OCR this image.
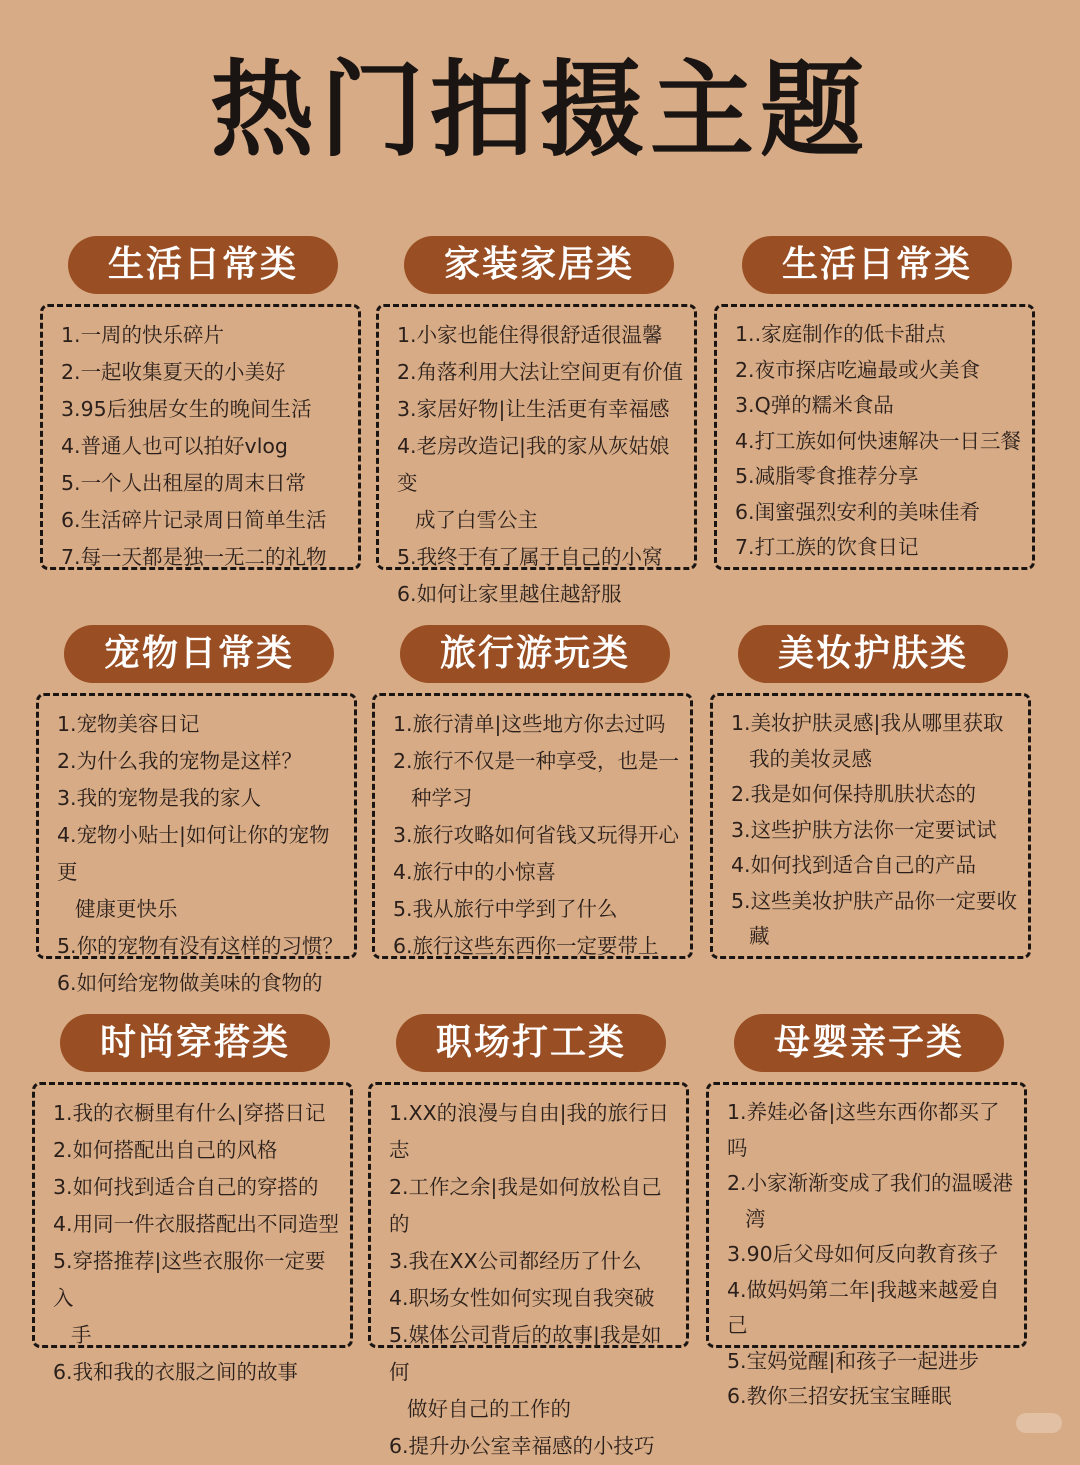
热门拍摄主题
生活日常类
1.一周的快乐碎片
2.一起收集夏天的小美好
3.95后独居女生的晚间生活
4.普通人也可以拍好vlog
5.一个人出租屋的周末日常
6.生活碎片记录周日简单生活
7.每一天都是独一无二的礼物
家装家居类
1.小家也能住得很舒适很温馨
2.角落利用大法让空间更有价值
3.家居好物|让生活更有幸福感
4.老房改造记|我的家从灰姑娘变
成了白雪公主
5.我终于有了属于自己的小窝
6.如何让家里越住越舒服
生活日常类
1..家庭制作的低卡甜点
2.夜市探店吃遍最或火美食
3.Q弹的糯米食品
4.打工族如何快速解决一日三餐
5.减脂零食推荐分享
6.闺蜜强烈安利的美味佳肴
7.打工族的饮食日记
宠物日常类
1.宠物美容日记
2.为什么我的宠物是这样？
3.我的宠物是我的家人
4.宠物小贴士|如何让你的宠物更
健康更快乐
5.你的宠物有没有这样的习惯？
6.如何给宠物做美味的食物的
旅行游玩类
1.旅行清单|这些地方你去过吗
2.旅行不仅是一种享受，也是一
种学习
3.旅行攻略如何省钱又玩得开心
4.旅行中的小惊喜
5.我从旅行中学到了什么
6.旅行这些东西你一定要带上
美妆护肤类
1.美妆护肤灵感|我从哪里获取
我的美妆灵感
2.我是如何保持肌肤状态的
3.这些护肤方法你一定要试试
4.如何找到适合自己的产品
5.这些美妆护肤产品你一定要收
藏
时尚穿搭类
1.我的衣橱里有什么|穿搭日记
2.如何搭配出自己的风格
3.如何找到适合自己的穿搭的
4.用同一件衣服搭配出不同造型
5.穿搭推荐|这些衣服你一定要入
手
6.我和我的衣服之间的故事
职场打工类
1.XX的浪漫与自由|我的旅行日志
2.工作之余|我是如何放松自己的
3.我在XX公司都经历了什么
4.职场女性如何实现自我突破
5.媒体公司背后的故事|我是如何
做好自己的工作的
6.提升办公室幸福感的小技巧
母婴亲子类
1.养娃必备|这些东西你都买了吗
2.小家渐渐变成了我们的温暖港
湾
3.90后父母如何反向教育孩子
4.做妈妈第二年|我越来越爱自己
5.宝妈觉醒|和孩子一起进步
6.教你三招安抚宝宝睡眠
